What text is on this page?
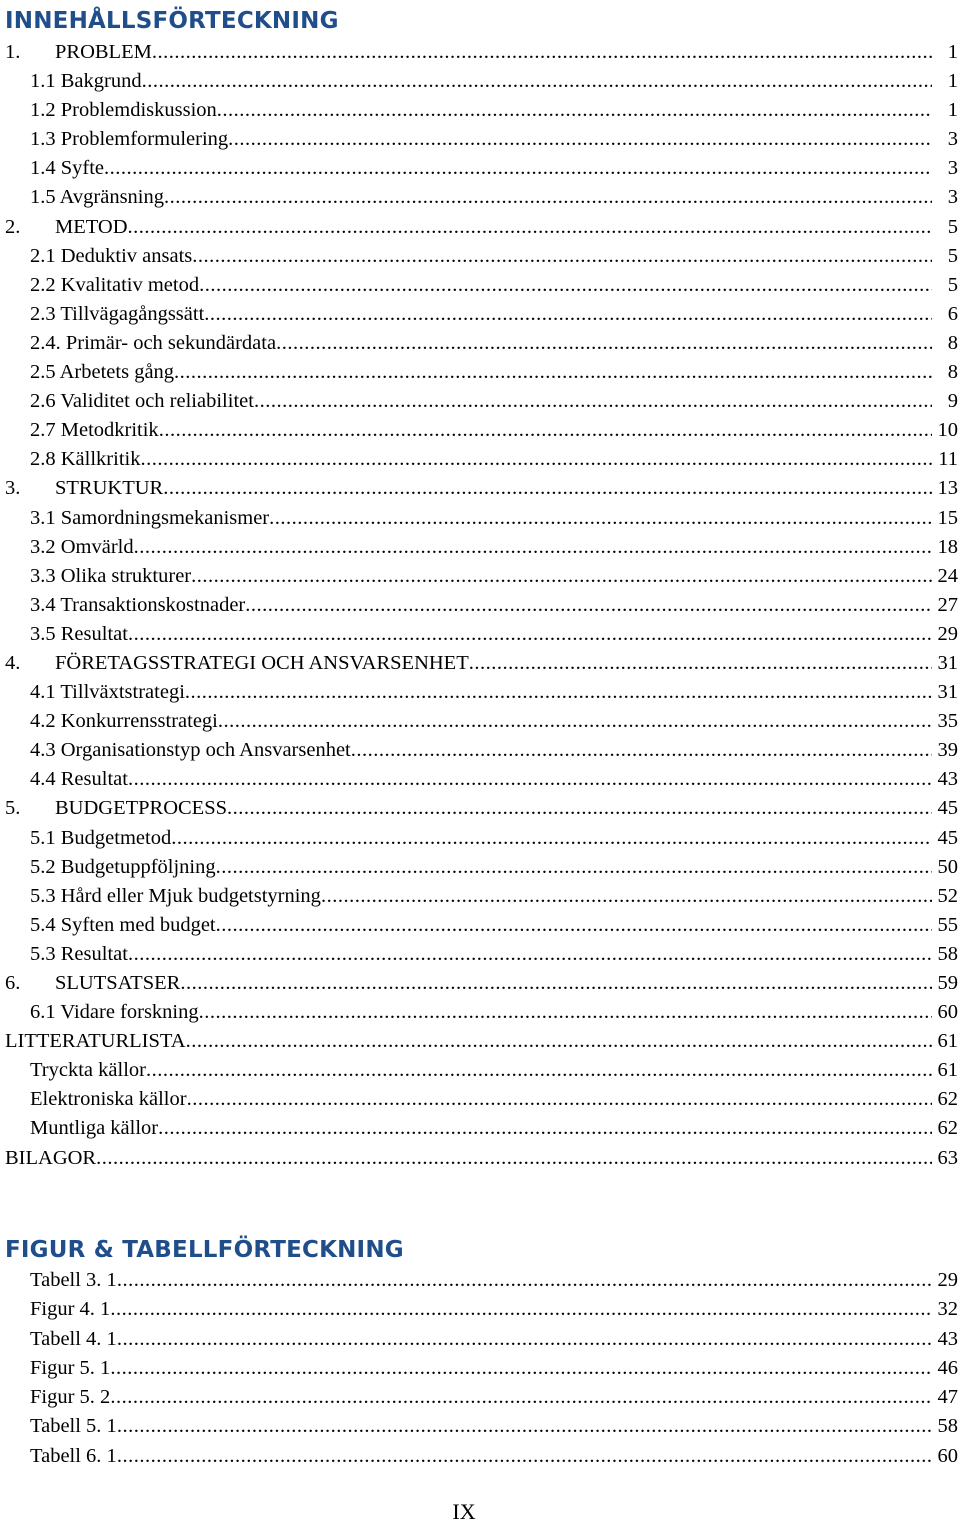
INNEHÅLLSFÖRTECKNING
1. PROBLEM .....	1
1.1 Bakgrund .....	1
1.2 Problemdiskussion .....	1
1.3 Problemformulering .....	3
1.4 Syfte .....	3
1.5 Avgränsning .....	3
2. METOD .....	5
2.1 Deduktiv ansats .....	5
2.2 Kvalitativ metod .....	5
2.3 Tillvägagångssätt .....	6
2.4. Primär- och sekundärdata .....	8
2.5 Arbetets gång .....	8
2.6 Validitet och reliabilitet .....	9
2.7 Metodkritik .....	10
2.8 Källkritik .....	11
3. STRUKTUR .....	13
3.1 Samordningsmekanismer .....	15
3.2 Omvärld .....	18
3.3 Olika strukturer .....	24
3.4 Transaktionskostnader .....	27
3.5 Resultat .....	29
4. FÖRETAGSSTRATEGI OCH ANSVARSENHET .....	31
4.1 Tillväxtstrategi .....	31
4.2 Konkurrensstrategi .....	35
4.3 Organisationstyp och Ansvarsenhet .....	39
4.4 Resultat .....	43
5. BUDGETPROCESS .....	45
5.1 Budgetmetod .....	45
5.2 Budgetuppföljning .....	50
5.3 Hård eller Mjuk budgetstyrning .....	52
5.4 Syften med budget .....	55
5.3 Resultat .....	58
6. SLUTSATSER .....	59
6.1 Vidare forskning .....	60
LITTERATURLISTA .....	61
Tryckta källor .....	61
Elektroniska källor .....	62
Muntliga källor .....	62
BILAGOR .....	63
FIGUR & TABELLFÖRTECKNING
Tabell 3. 1 .....	29
Figur 4. 1 .....	32
Tabell 4. 1 .....	43
Figur 5. 1 .....	46
Figur 5. 2 .....	47
Tabell 5. 1 .....	58
Tabell 6. 1 .....	60
IX
